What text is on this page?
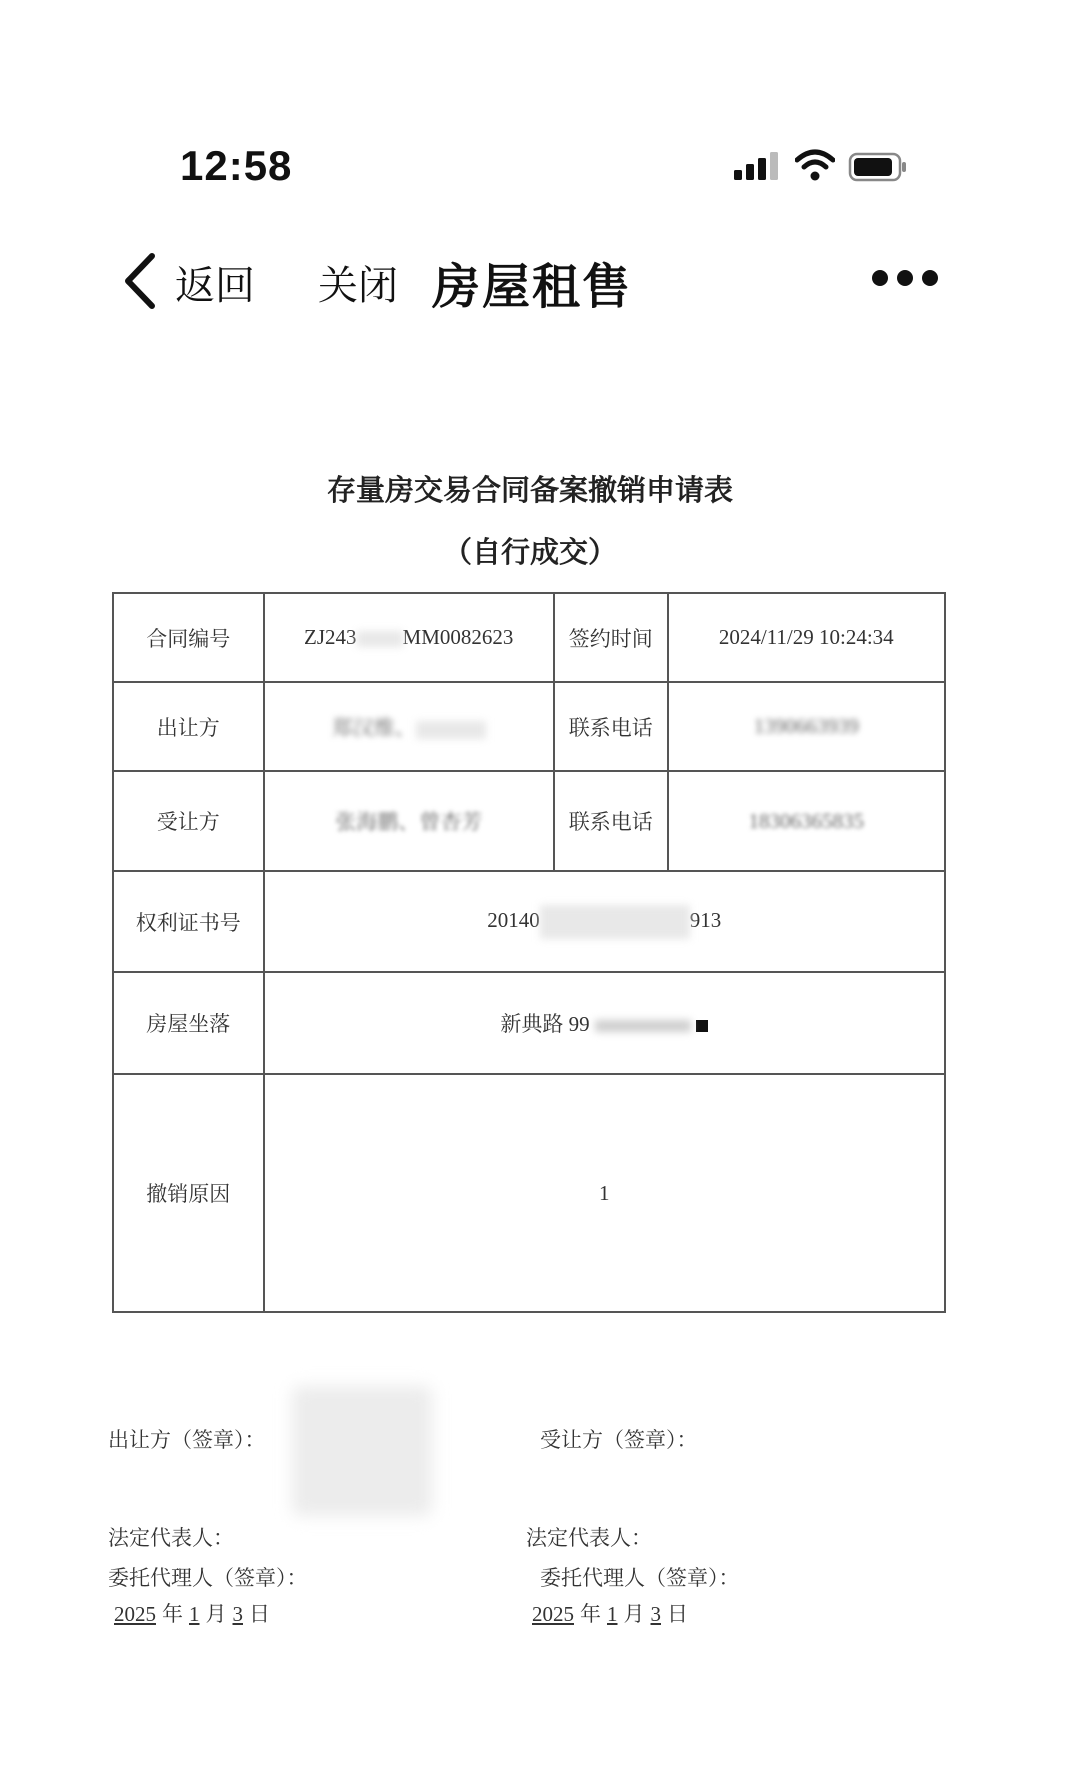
12:58
返回 关闭 房屋租售
存量房交易合同备案撤销申请表
（自行成交）
合同编号	ZJ243 MM0082623	签约时间	2024/11/29 10:24:34
出让方	郑汉维、	联系电话	1390663939
受让方	张海鹏、曾杏芳	联系电话	18306365835
权利证书号	20140 913		
房屋坐落	新典路 99		
撤销原因	1		
出让方（签章）：	受让方（签章）：
法定代表人：	法定代表人：
委托代理人（签章）：	委托代理人（签章）：
2025 年 1 月 3 日	2025 年 1 月 3 日
